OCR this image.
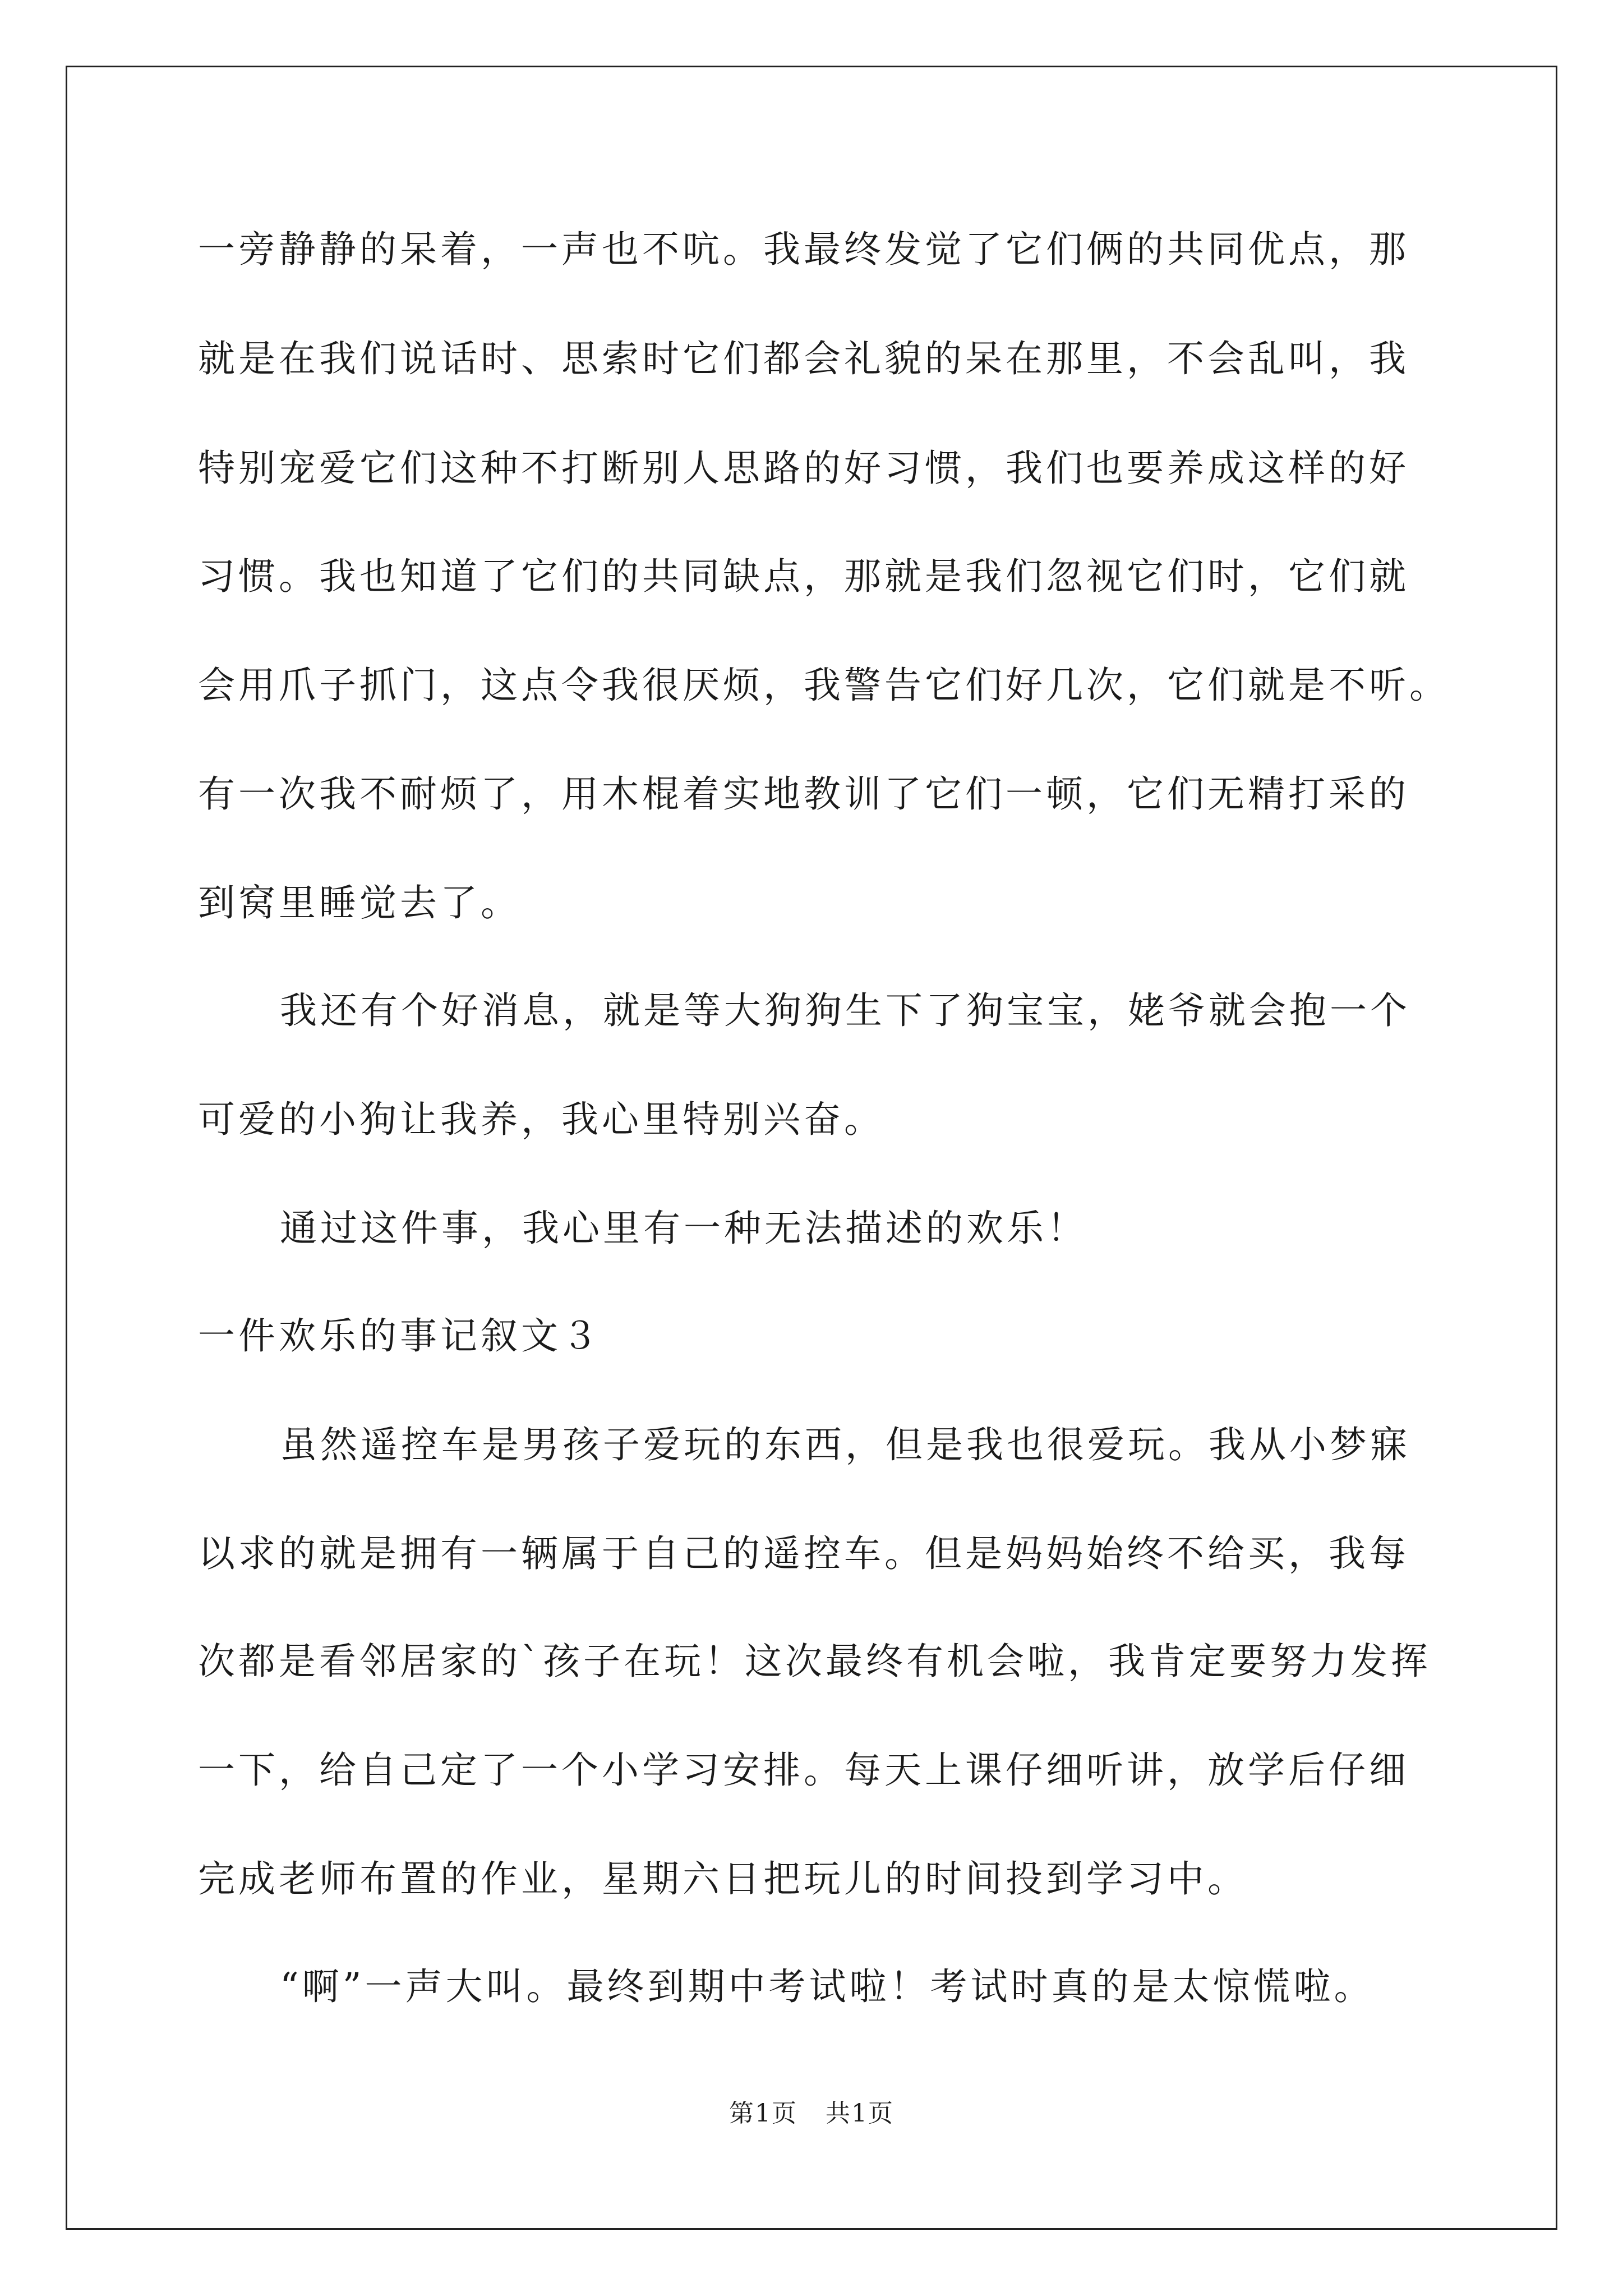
一旁静静的呆着，一声也不吭。我最终发觉了它们俩的共同优点，那
就是在我们说话时、思索时它们都会礼貌的呆在那里，不会乱叫，我
特别宠爱它们这种不打断别人思路的好习惯，我们也要养成这样的好
习惯。我也知道了它们的共同缺点，那就是我们忽视它们时，它们就
会用爪子抓门，这点令我很厌烦，我警告它们好几次，它们就是不听。
有一次我不耐烦了，用木棍着实地教训了它们一顿，它们无精打采的
到窝里睡觉去了。
我还有个好消息，就是等大狗狗生下了狗宝宝，姥爷就会抱一个
可爱的小狗让我养，我心里特别兴奋。
通过这件事，我心里有一种无法描述的欢乐！
一件欢乐的事记叙文３
虽然遥控车是男孩子爱玩的东西，但是我也很爱玩。我从小梦寐
以求的就是拥有一辆属于自己的遥控车。但是妈妈始终不给买，我每
次都是看邻居家的`孩子在玩！这次最终有机会啦，我肯定要努力发挥
一下，给自己定了一个小学习安排。每天上课仔细听讲，放学后仔细
完成老师布置的作业，星期六日把玩儿的时间投到学习中。
“啊”一声大叫。最终到期中考试啦！考试时真的是太惊慌啦。
第1页 共1页
